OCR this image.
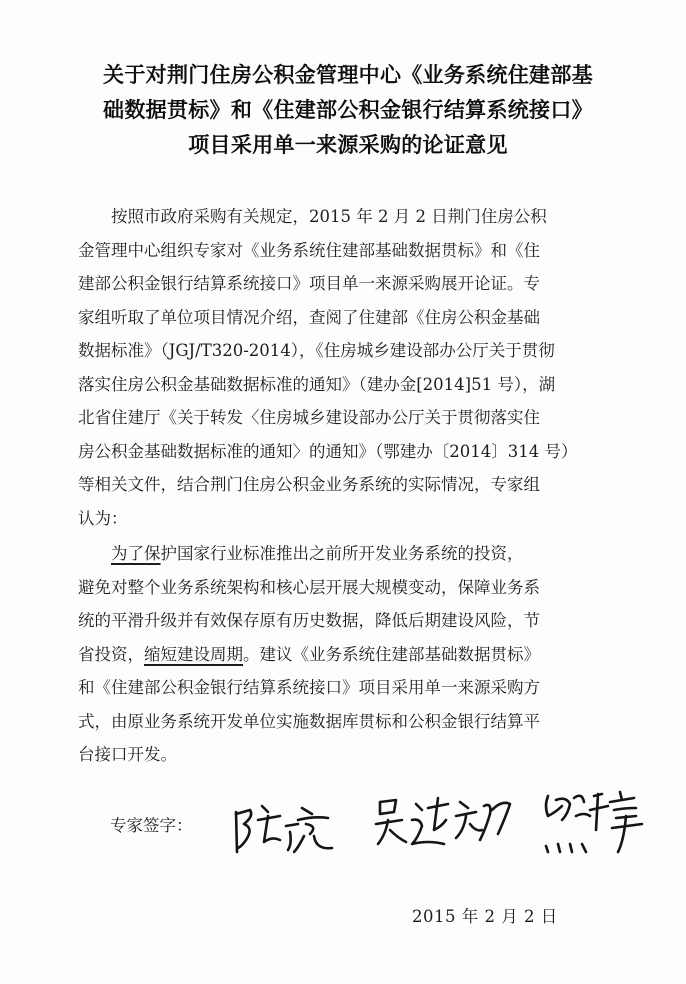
关于对荆门住房公积金管理中心《业务系统住建部基
础数据贯标》和《住建部公积金银行结算系统接口》
项目采用单一来源采购的论证意见
按照市政府采购有关规定，2015 年 2 月 2 日荆门住房公积
金管理中心组织专家对《业务系统住建部基础数据贯标》和《住
建部公积金银行结算系统接口》项目单一来源采购展开论证。专
家组听取了单位项目情况介绍，查阅了住建部《住房公积金基础
数据标准》（JGJ/T320-2014），《住房城乡建设部办公厅关于贯彻
落实住房公积金基础数据标准的通知》（建办金[2014]51 号），湖
北省住建厅《关于转发〈住房城乡建设部办公厅关于贯彻落实住
房公积金基础数据标准的通知〉的通知》（鄂建办〔2014〕314 号）
等相关文件，结合荆门住房公积金业务系统的实际情况，专家组
认为：
为了保护国家行业标准推出之前所开发业务系统的投资，
避免对整个业务系统架构和核心层开展大规模变动，保障业务系
统的平滑升级并有效保存原有历史数据，降低后期建设风险，节
省投资，缩短建设周期。建议《业务系统住建部基础数据贯标》
和《住建部公积金银行结算系统接口》项目采用单一来源采购方
式，由原业务系统开发单位实施数据库贯标和公积金银行结算平
台接口开发。
专家签字：
2015 年 2 月 2 日
